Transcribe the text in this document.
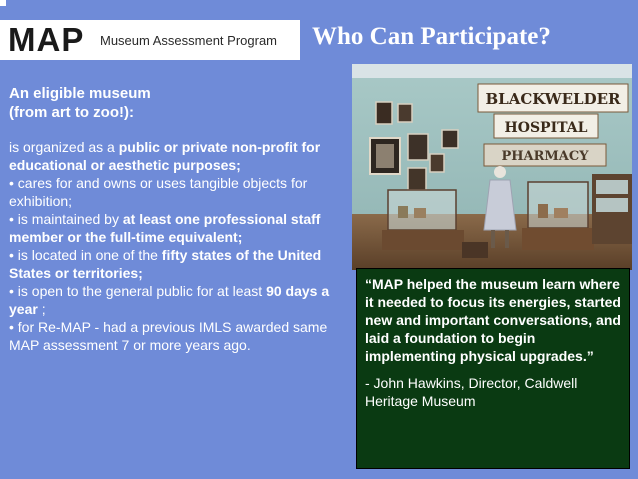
MAP Museum Assessment Program Who Can Participate?
An eligible museum
(from art to zoo!):

is organized as a public or private non-profit for educational or aesthetic purposes;

• cares for and owns or uses tangible objects for exhibition;

• is maintained by at least one professional staff member or the full-time equivalent;

• is located in one of the fifty states of the United States or territories;

• is open to the general public for at least 90 days a year ;

• for Re-MAP - had a previous IMLS awarded same MAP assessment 7 or more years ago.

BLACKWELDER
HOSPITAL
PHARMACY

“MAP helped the museum learn where it needed to focus its energies, started new and important conversations, and laid a foundation to begin implementing physical upgrades.”

- John Hawkins, Director, Caldwell Heritage Museum
